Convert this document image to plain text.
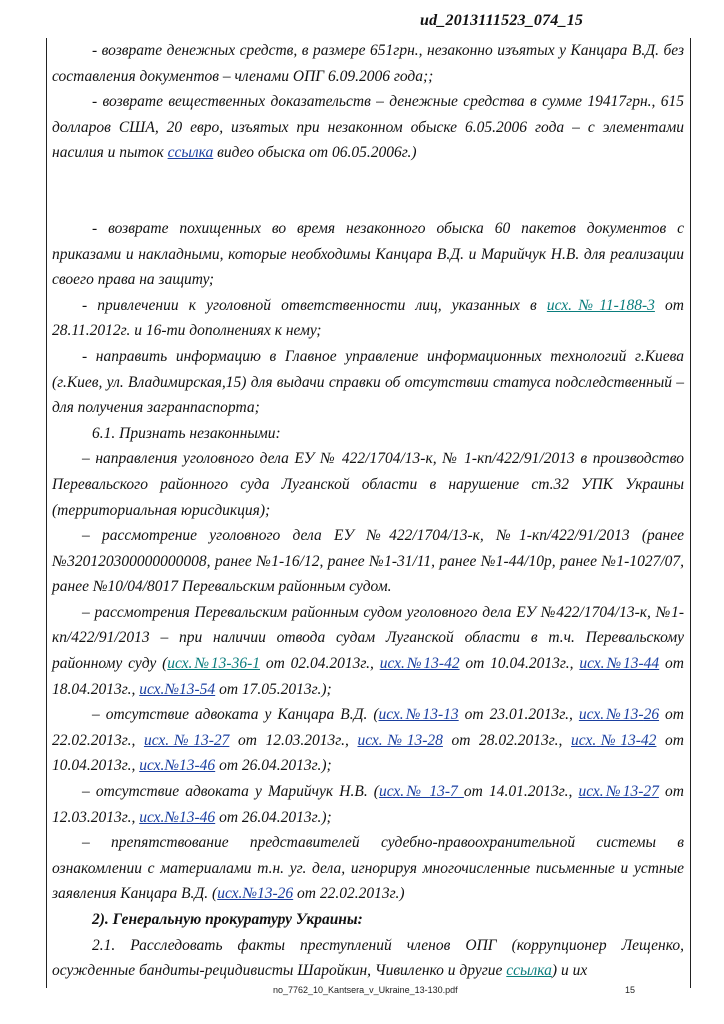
ud_2013111523_074_15

- возврате денежных средств, в размере 651грн., незаконно изъятых у Канцара В.Д. без составления документов – членами ОПГ 6.09.2006 года;;

- возврате вещественных доказательств – денежные средства в сумме 19417грн., 615 долларов США, 20 евро, изъятых при незаконном обыске 6.05.2006 года – с элементами насилия и пыток ссылка видео обыска от 06.05.2006г.)

- возврате похищенных во время незаконного обыска 60 пакетов документов с приказами и накладными, которые необходимы Канцара В.Д. и Марийчук Н.В. для реализации своего права на защиту;

- привлечении к уголовной ответственности лиц, указанных в исх.№11-188-3 от 28.11.2012г. и 16-ти дополнениях к нему;

- направить информацию в Главное управление информационных технологий г.Киева (г.Киев, ул. Владимирская,15) для выдачи справки об отсутствии статуса подследственный – для получения загранпаспорта;

6.1. Признать незаконными:

– направления уголовного дела ЕУ № 422/1704/13-к, № 1-кп/422/91/2013 в производство Перевальского районного суда Луганской области в нарушение ст.32 УПК Украины (территориальная юрисдикция);

– рассмотрение уголовного дела ЕУ №422/1704/13-к, №1-кп/422/91/2013 (ранее №320120300000000008, ранее №1-16/12, ранее №1-31/11, ранее №1-44/10р, ранее №1-1027/07, ранее №10/04/8017 Перевальским районным судом.

– рассмотрения Перевальским районным судом уголовного дела ЕУ №422/1704/13-к, №1-кп/422/91/2013 – при наличии отвода судам Луганской области в т.ч. Перевальскому районному суду (исх.№13-36-1 от 02.04.2013г., исх.№13-42 от 10.04.2013г., исх.№13-44 от 18.04.2013г., исх.№13-54 от 17.05.2013г.);

– отсутствие адвоката у Канцара В.Д. (исх.№13-13 от 23.01.2013г., исх.№13-26 от 22.02.2013г., исх.№13-27 от 12.03.2013г., исх.№13-28 от 28.02.2013г., исх.№13-42 от 10.04.2013г., исх.№13-46 от 26.04.2013г.);

– отсутствие адвоката у Марийчук Н.В. (исх.№ 13-7 от 14.01.2013г., исх.№13-27 от 12.03.2013г., исх.№13-46 от 26.04.2013г.);

– препятствование представителей судебно-правоохранительной системы в ознакомлении с материалами т.н. уг. дела, игнорируя многочисленные письменные и устные заявления Канцара В.Д. (исх.№13-26 от 22.02.2013г.)

2). Генеральную прокуратуру Украины:

2.1. Расследовать факты преступлений членов ОПГ (коррупционер Лещенко, осужденные бандиты-рецидивисты Шаройкин, Чивиленко и другие ссылка) и их

no_7762_10_Kantsera_v_Ukraine_13-130.pdf	15
